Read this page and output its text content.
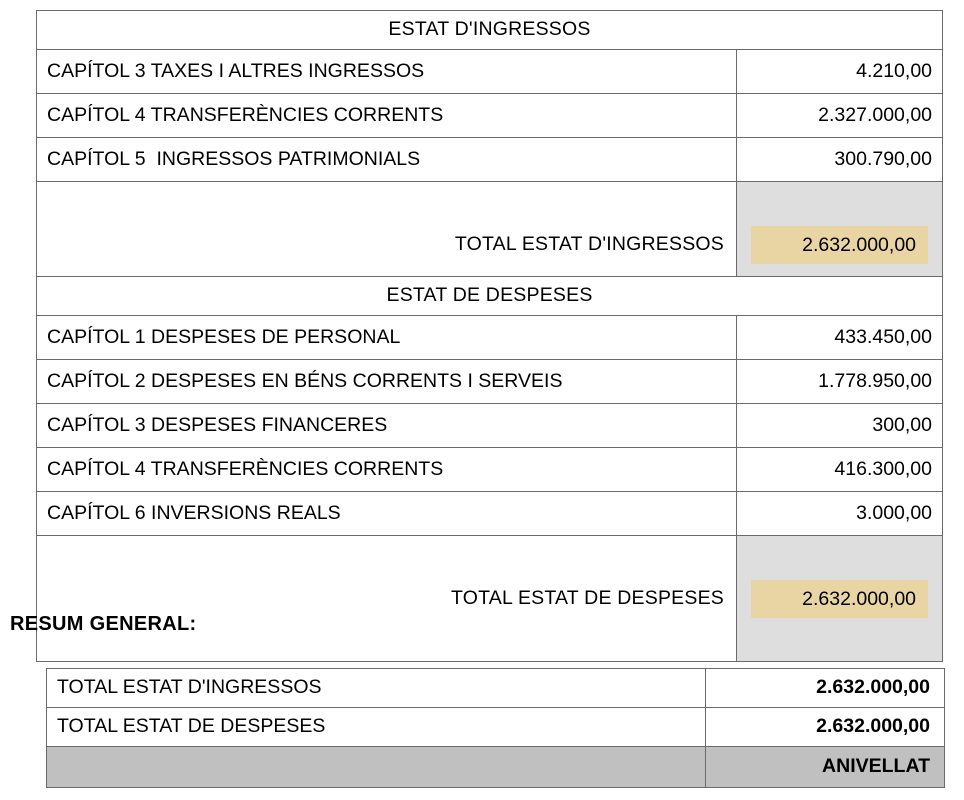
ESTAT D'INGRESSOS	
CAPÍTOL 3 TAXES I ALTRES INGRESSOS	4.210,00
CAPÍTOL 4 TRANSFERÈNCIES CORRENTS	2.327.000,00
CAPÍTOL 5  INGRESSOS PATRIMONIALS	300.790,00
TOTAL ESTAT D'INGRESSOS	2.632.000,00

ESTAT DE DESPESES	
CAPÍTOL 1 DESPESES DE PERSONAL	433.450,00
CAPÍTOL 2 DESPESES EN BÉNS CORRENTS I SERVEIS	1.778.950,00
CAPÍTOL 3 DESPESES FINANCERES	300,00
CAPÍTOL 4 TRANSFERÈNCIES CORRENTS	416.300,00
CAPÍTOL 6 INVERSIONS REALS	3.000,00
TOTAL ESTAT DE DESPESES	2.632.000,00

RESUM GENERAL:
TOTAL ESTAT D'INGRESSOS	2.632.000,00
TOTAL ESTAT DE DESPESES	2.632.000,00
	ANIVELLAT
